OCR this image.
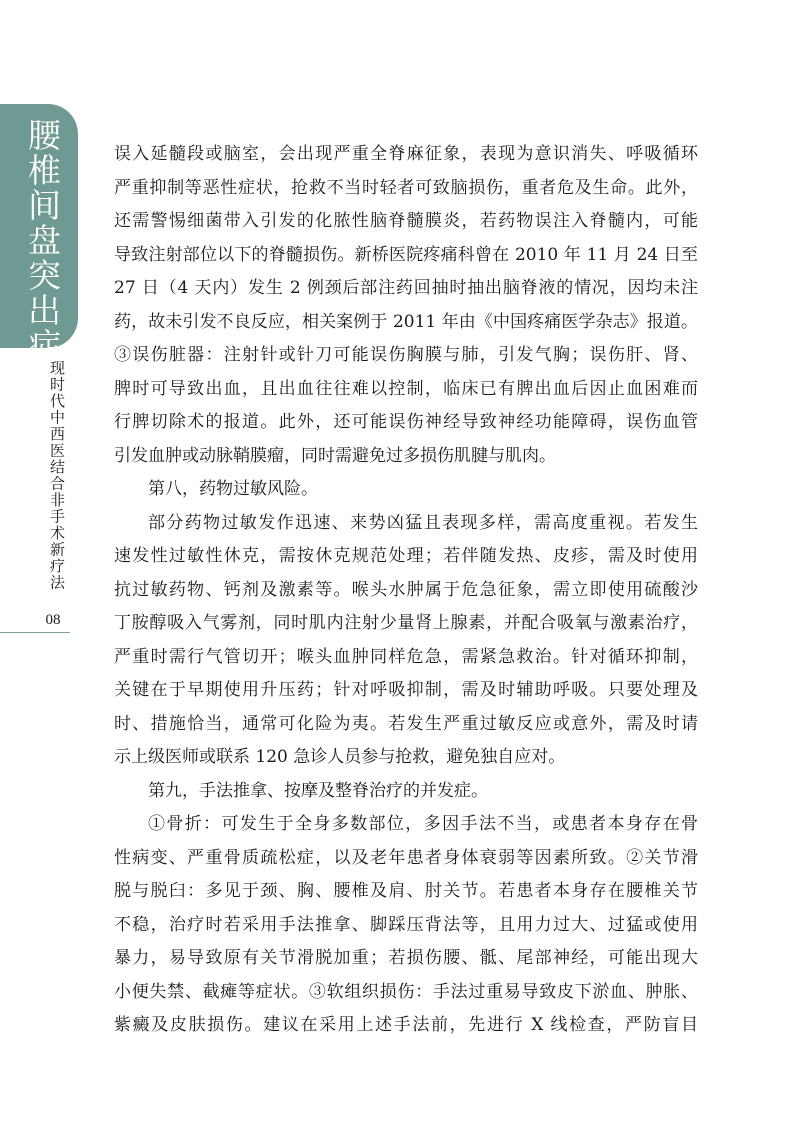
腰椎间盘突出症
现时代中西医结合非手术新疗法
08

误入延髓段或脑室，会出现严重全脊麻征象，表现为意识消失、呼吸循环
严重抑制等恶性症状，抢救不当时轻者可致脑损伤，重者危及生命。此外，
还需警惕细菌带入引发的化脓性脑脊髓膜炎，若药物误注入脊髓内，可能
导致注射部位以下的脊髓损伤。新桥医院疼痛科曾在 2010 年 11 月 24 日至
27 日（4 天内）发生 2 例颈后部注药回抽时抽出脑脊液的情况，因均未注
药，故未引发不良反应，相关案例于 2011 年由《中国疼痛医学杂志》报道。
③误伤脏器：注射针或针刀可能误伤胸膜与肺，引发气胸；误伤肝、肾、
脾时可导致出血，且出血往往难以控制，临床已有脾出血后因止血困难而
行脾切除术的报道。此外，还可能误伤神经导致神经功能障碍，误伤血管
引发血肿或动脉鞘膜瘤，同时需避免过多损伤肌腱与肌肉。

第八，药物过敏风险。

部分药物过敏发作迅速、来势凶猛且表现多样，需高度重视。若发生
速发性过敏性休克，需按休克规范处理；若伴随发热、皮疹，需及时使用
抗过敏药物、钙剂及激素等。喉头水肿属于危急征象，需立即使用硫酸沙
丁胺醇吸入气雾剂，同时肌内注射少量肾上腺素，并配合吸氧与激素治疗，
严重时需行气管切开；喉头血肿同样危急，需紧急救治。针对循环抑制，
关键在于早期使用升压药；针对呼吸抑制，需及时辅助呼吸。只要处理及
时、措施恰当，通常可化险为夷。若发生严重过敏反应或意外，需及时请
示上级医师或联系 120 急诊人员参与抢救，避免独自应对。

第九，手法推拿、按摩及整脊治疗的并发症。

①骨折：可发生于全身多数部位，多因手法不当，或患者本身存在骨
性病变、严重骨质疏松症，以及老年患者身体衰弱等因素所致。②关节滑
脱与脱臼：多见于颈、胸、腰椎及肩、肘关节。若患者本身存在腰椎关节
不稳，治疗时若采用手法推拿、脚踩压背法等，且用力过大、过猛或使用
暴力，易导致原有关节滑脱加重；若损伤腰、骶、尾部神经，可能出现大
小便失禁、截瘫等症状。③软组织损伤：手法过重易导致皮下淤血、肿胀、
紫癜及皮肤损伤。建议在采用上述手法前，先进行 X 线检查，严防盲目
